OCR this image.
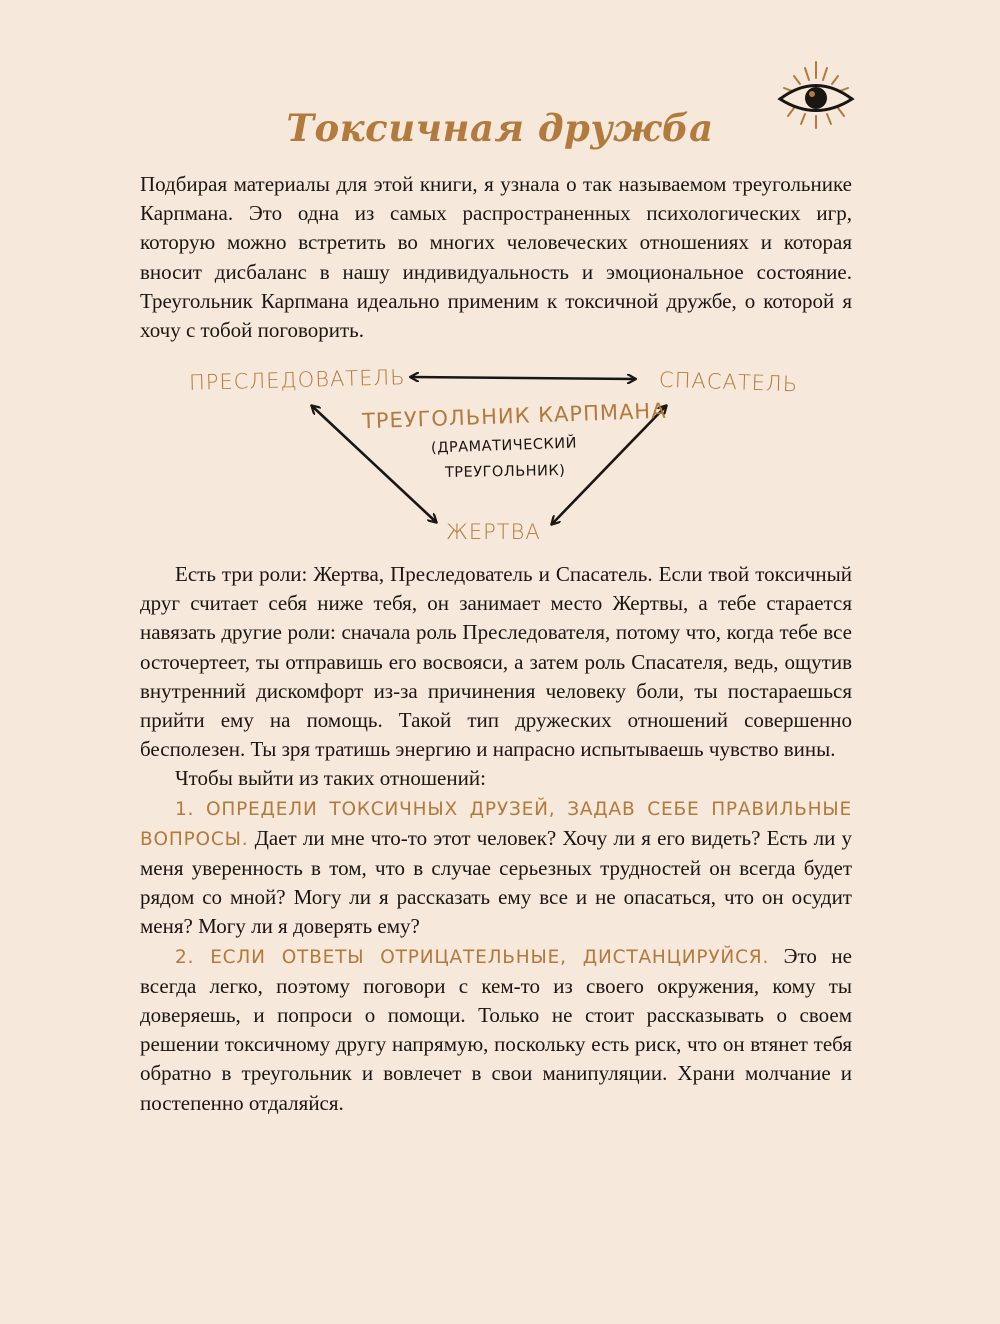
Токсичная дружба

Подбирая материалы для этой книги, я узнала о так называемом треугольнике Карпмана. Это одна из самых распространенных психологических игр, которую можно встретить во многих человеческих отношениях и которая вносит дисбаланс в нашу индивидуальность и эмоциональное состояние. Треугольник Карпмана идеально применим к токсичной дружбе, о которой я хочу с тобой поговорить.

ПРЕСЛЕДОВАТЕЛЬ	СПАСАТЕЛЬ
ТРЕУГОЛЬНИК КАРПМАНА
(ДРАМАТИЧЕСКИЙ
ТРЕУГОЛЬНИК)
ЖЕРТВА

Есть три роли: Жертва, Преследователь и Спасатель. Если твой токсичный друг считает себя ниже тебя, он занимает место Жертвы, а тебе старается навязать другие роли: сначала роль Преследователя, потому что, когда тебе все осточертеет, ты отправишь его восвояси, а затем роль Спасателя, ведь, ощутив внутренний дискомфорт из-за причинения человеку боли, ты постараешься прийти ему на помощь. Такой тип дружеских отношений совершенно бесполезен. Ты зря тратишь энергию и напрасно испытываешь чувство вины.

Чтобы выйти из таких отношений:

1. ОПРЕДЕЛИ ТОКСИЧНЫХ ДРУЗЕЙ, ЗАДАВ СЕБЕ ПРАВИЛЬНЫЕ ВОПРОСЫ. Дает ли мне что-то этот человек? Хочу ли я его видеть? Есть ли у меня уверенность в том, что в случае серьезных трудностей он всегда будет рядом со мной? Могу ли я рассказать ему все и не опасаться, что он осудит меня? Могу ли я доверять ему?

2. ЕСЛИ ОТВЕТЫ ОТРИЦАТЕЛЬНЫЕ, ДИСТАНЦИРУЙСЯ. Это не всегда легко, поэтому поговори с кем-то из своего окружения, кому ты доверяешь, и попроси о помощи. Только не стоит рассказывать о своем решении токсичному другу напрямую, поскольку есть риск, что он втянет тебя обратно в треугольник и вовлечет в свои манипуляции. Храни молчание и постепенно отдаляйся.
